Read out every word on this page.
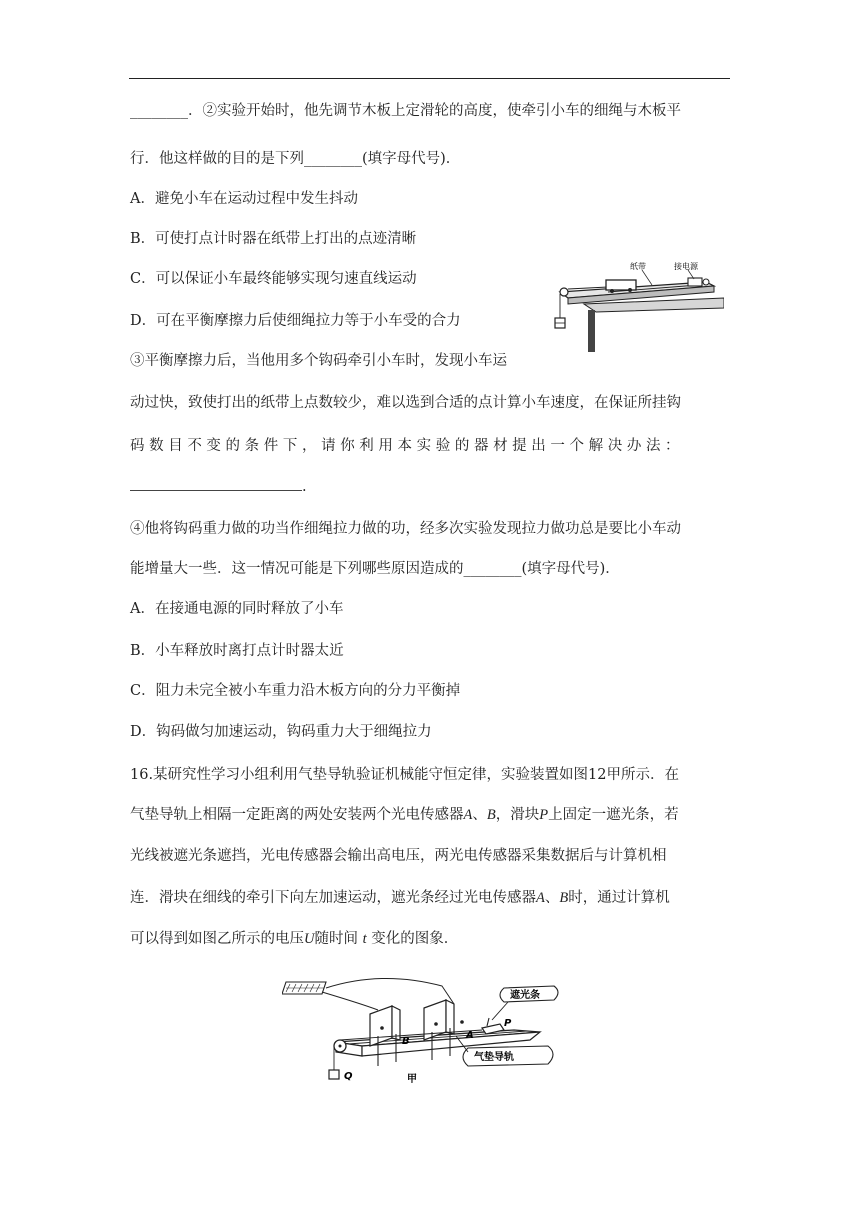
________．②实验开始时，他先调节木板上定滑轮的高度，使牵引小车的细绳与木板平
行．他这样做的目的是下列________(填字母代号)．
A．避免小车在运动过程中发生抖动
B．可使打点计时器在纸带上打出的点迹清晰
C．可以保证小车最终能够实现匀速直线运动
D．可在平衡摩擦力后使细绳拉力等于小车受的合力
③平衡摩擦力后，当他用多个钩码牵引小车时，发现小车运
动过快，致使打出的纸带上点数较少，难以选到合适的点计算小车速度，在保证所挂钩
码 数 目 不 变 的 条 件 下 ， 请 你 利 用 本 实 验 的 器 材 提 出 一 个 解 决 办 法 ：
.
④他将钩码重力做的功当作细绳拉力做的功，经多次实验发现拉力做功总是要比小车动
能增量大一些．这一情况可能是下列哪些原因造成的________(填字母代号)．
A．在接通电源的同时释放了小车
B．小车释放时离打点计时器太近
C．阻力未完全被小车重力沿木板方向的分力平衡掉
D．钩码做匀加速运动，钩码重力大于细绳拉力
纸带	接电源
16.某研究性学习小组利用气垫导轨验证机械能守恒定律，实验装置如图12甲所示．在
气垫导轨上相隔一定距离的两处安装两个光电传感器A、B，滑块P上固定一遮光条，若
光线被遮光条遮挡，光电传感器会输出高电压，两光电传感器采集数据后与计算机相
连．滑块在细线的牵引下向左加速运动，遮光条经过光电传感器A、B时，通过计算机
可以得到如图乙所示的电压U随时间 t 变化的图象．
B
A
P
Q
遮光条
气垫导轨
甲
